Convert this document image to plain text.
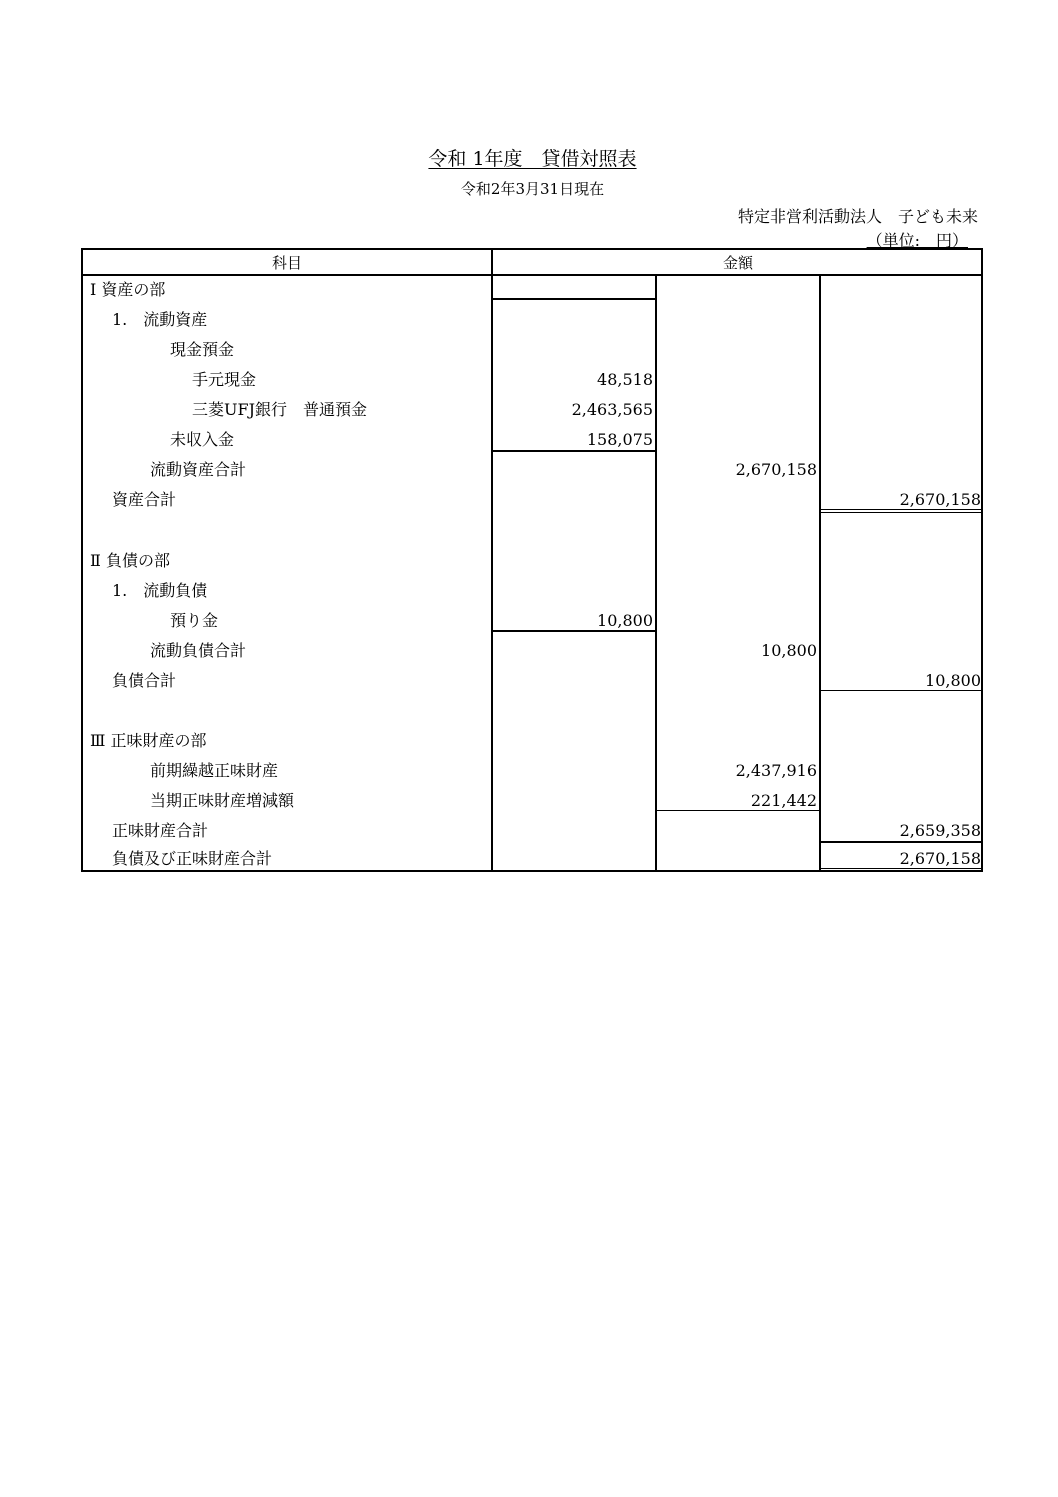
令和 1年度　貸借対照表
令和2年3月31日現在
特定非営利活動法人　子ども未来
（単位:　円）
科目	金額
Ⅰ 資産の部
1.　流動資産
現金預金
手元現金	48,518
三菱UFJ銀行　普通預金	2,463,565
未収入金	158,075
流動資産合計	2,670,158
資産合計	2,670,158
Ⅱ 負債の部
1.　流動負債
預り金	10,800
流動負債合計	10,800
負債合計	10,800
Ⅲ 正味財産の部
前期繰越正味財産	2,437,916
当期正味財産増減額	221,442
正味財産合計	2,659,358
負債及び正味財産合計	2,670,158
